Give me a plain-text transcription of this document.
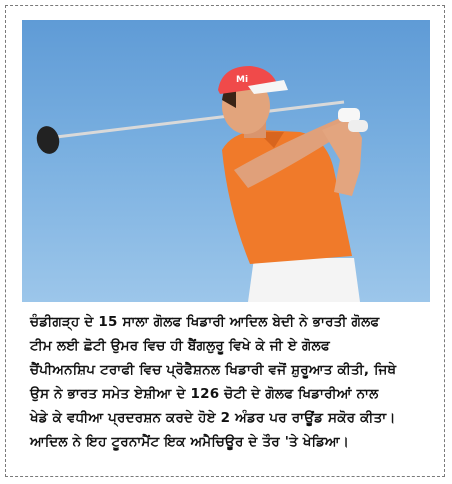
Mi
ਚੰਡੀਗੜ੍ਹ ਦੇ 15 ਸਾਲਾ ਗੋਲਫ ਖਿਡਾਰੀ ਆਦਿਲ ਬੇਦੀ ਨੇ ਭਾਰਤੀ ਗੋਲਫ
ਟੀਮ ਲਈ ਛੋਟੀ ਉਮਰ ਵਿਚ ਹੀ ਬੈਂਗਲੁਰੂ ਵਿਖੇ ਕੇ ਜੀ ਏ ਗੋਲਫ
ਚੈਂਪੀਅਨਸ਼ਿਪ ਟਰਾਫੀ ਵਿਚ ਪ੍ਰੋਫੈਸ਼ਨਲ ਖਿਡਾਰੀ ਵਜੋਂ ਸ਼ੁਰੂਆਤ ਕੀਤੀ, ਜਿਥੇ
ਉਸ ਨੇ ਭਾਰਤ ਸਮੇਤ ਏਸ਼ੀਆ ਦੇ 126 ਚੋਟੀ ਦੇ ਗੋਲਫ ਖਿਡਾਰੀਆਂ ਨਾਲ
ਖੇਡੇ ਕੇ ਵਧੀਆ ਪ੍ਰਦਰਸ਼ਨ ਕਰਦੇ ਹੋਏ 2 ਅੰਡਰ ਪਰ ਰਾਊਂਡ ਸਕੋਰ ਕੀਤਾ।
ਆਦਿਲ ਨੇ ਇਹ ਟੂਰਨਾਮੈਂਟ ਇਕ ਅਮੈਚਿਊਰ ਦੇ ਤੌਰ 'ਤੇ ਖੇਡਿਆ।
